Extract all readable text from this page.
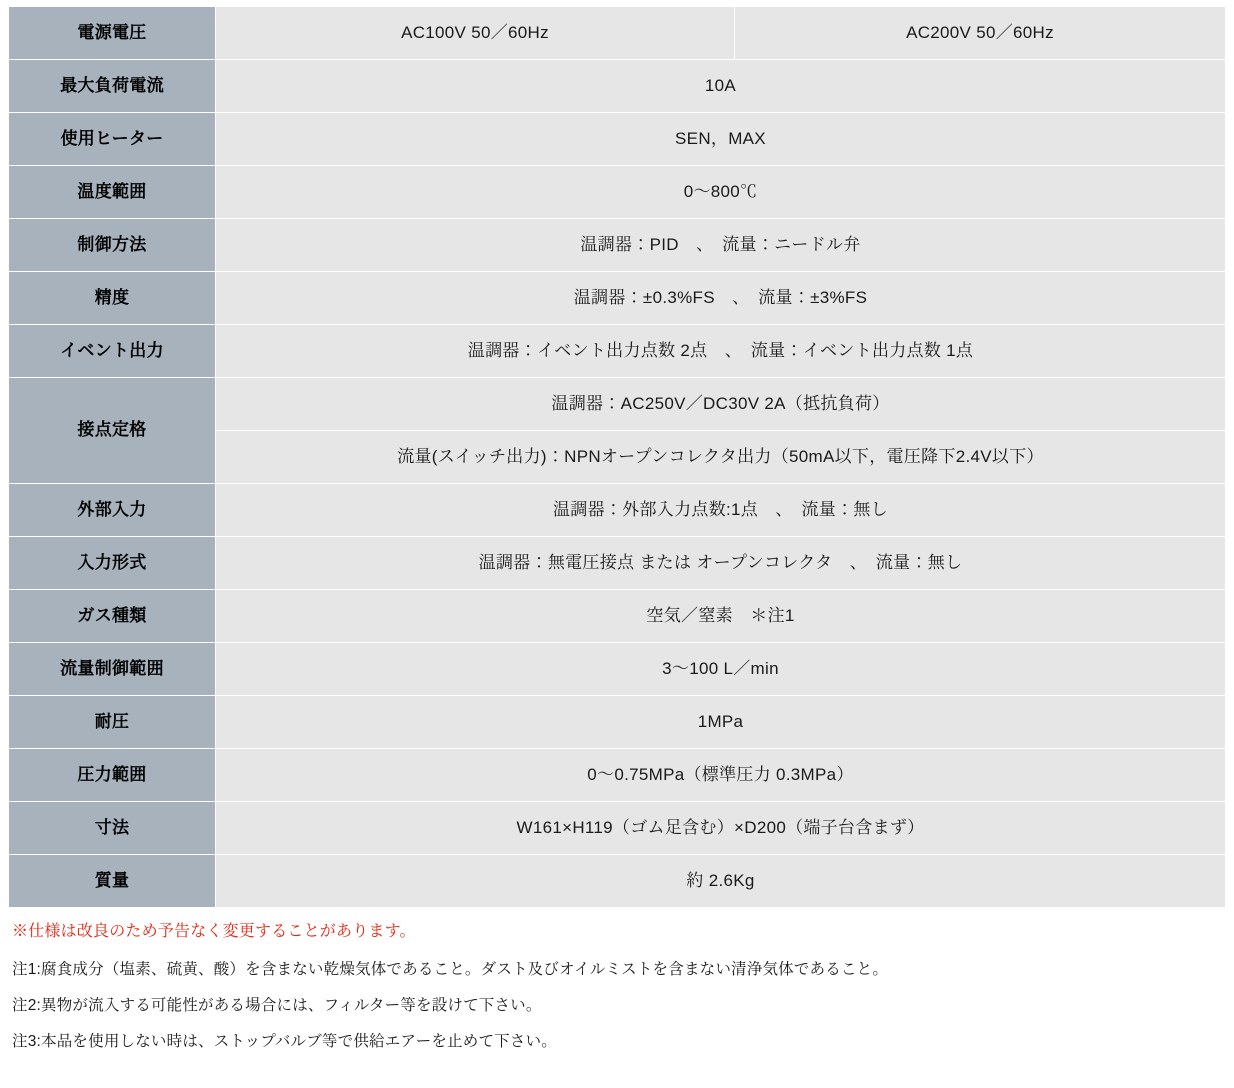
電源電圧	AC100V 50／60Hz	AC200V 50／60Hz
最大負荷電流	10A	
使用ヒーター	SEN，MAX	
温度範囲	0〜800℃	
制御方法	温調器：PID　、　流量：ニードル弁	
精度	温調器：±0.3%FS　、　流量：±3%FS	
イベント出力	温調器：イベント出力点数 2点　、　流量：イベント出力点数 1点	
接点定格	温調器：AC250V／DC30V 2A（抵抗負荷）	
	流量(スイッチ出力)：NPNオープンコレクタ出力（50mA以下，電圧降下2.4V以下）	
外部入力	温調器：外部入力点数:1点　、　流量：無し	
入力形式	温調器：無電圧接点 または オープンコレクタ　、　流量：無し	
ガス種類	空気／窒素　＊注1	
流量制御範囲	3〜100 L／min	
耐圧	1MPa	
圧力範囲	0〜0.75MPa（標準圧力 0.3MPa）	
寸法	W161×H119（ゴム足含む）×D200（端子台含まず）	
質量	約 2.6Kg	
※仕様は改良のため予告なく変更することがあります。
注1:腐食成分（塩素、硫黄、酸）を含まない乾燥気体であること。ダスト及びオイルミストを含まない清浄気体であること。
注2:異物が流入する可能性がある場合には、フィルター等を設けて下さい。
注3:本品を使用しない時は、ストップバルブ等で供給エアーを止めて下さい。
